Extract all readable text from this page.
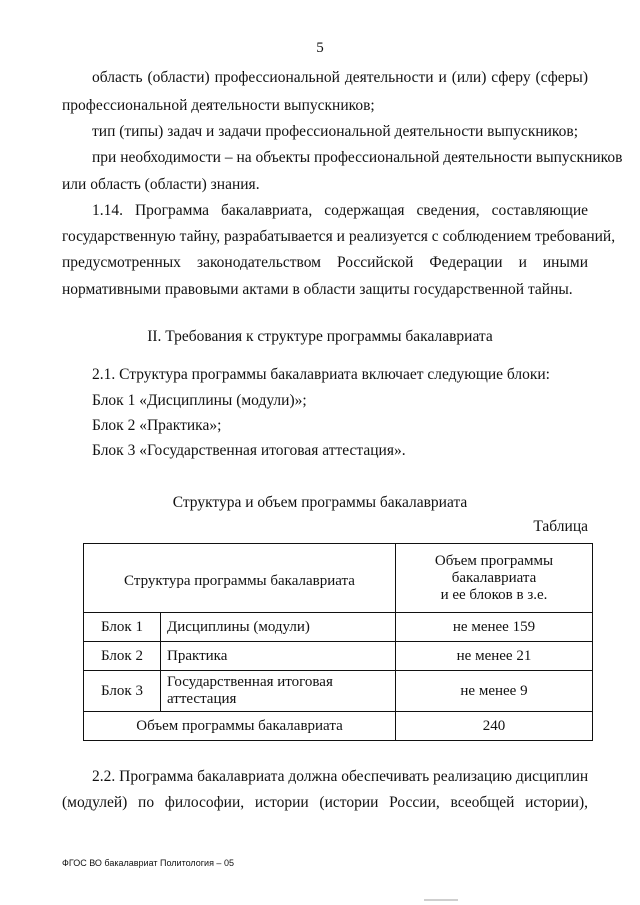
5
область (области) профессиональной деятельности и (или) сферу (сферы)
профессиональной деятельности выпускников;
тип (типы) задач и задачи профессиональной деятельности выпускников;
при необходимости – на объекты профессиональной деятельности выпускников
или область (области) знания.
1.14. Программа бакалавриата, содержащая сведения, составляющие
государственную тайну, разрабатывается и реализуется с соблюдением требований,
предусмотренных законодательством Российской Федерации и иными
нормативными правовыми актами в области защиты государственной тайны.
II. Требования к структуре программы бакалавриата
2.1. Структура программы бакалавриата включает следующие блоки:
Блок 1 «Дисциплины (модули)»;
Блок 2 «Практика»;
Блок 3 «Государственная итоговая аттестация».
Структура и объем программы бакалавриата
Таблица
Структура программы бакалавриата		Объем программы
бакалавриата
и ее блоков в з.е.

Блок 1	Дисциплины (модули)	не менее 159
Блок 2	Практика	не менее 21
Блок 3	Государственная итоговая аттестация	не менее 9
Объем программы бакалавриата		240
2.2. Программа бакалавриата должна обеспечивать реализацию дисциплин
(модулей) по философии, истории (истории России, всеобщей истории),
ФГОС ВО бакалавриат Политология – 05
